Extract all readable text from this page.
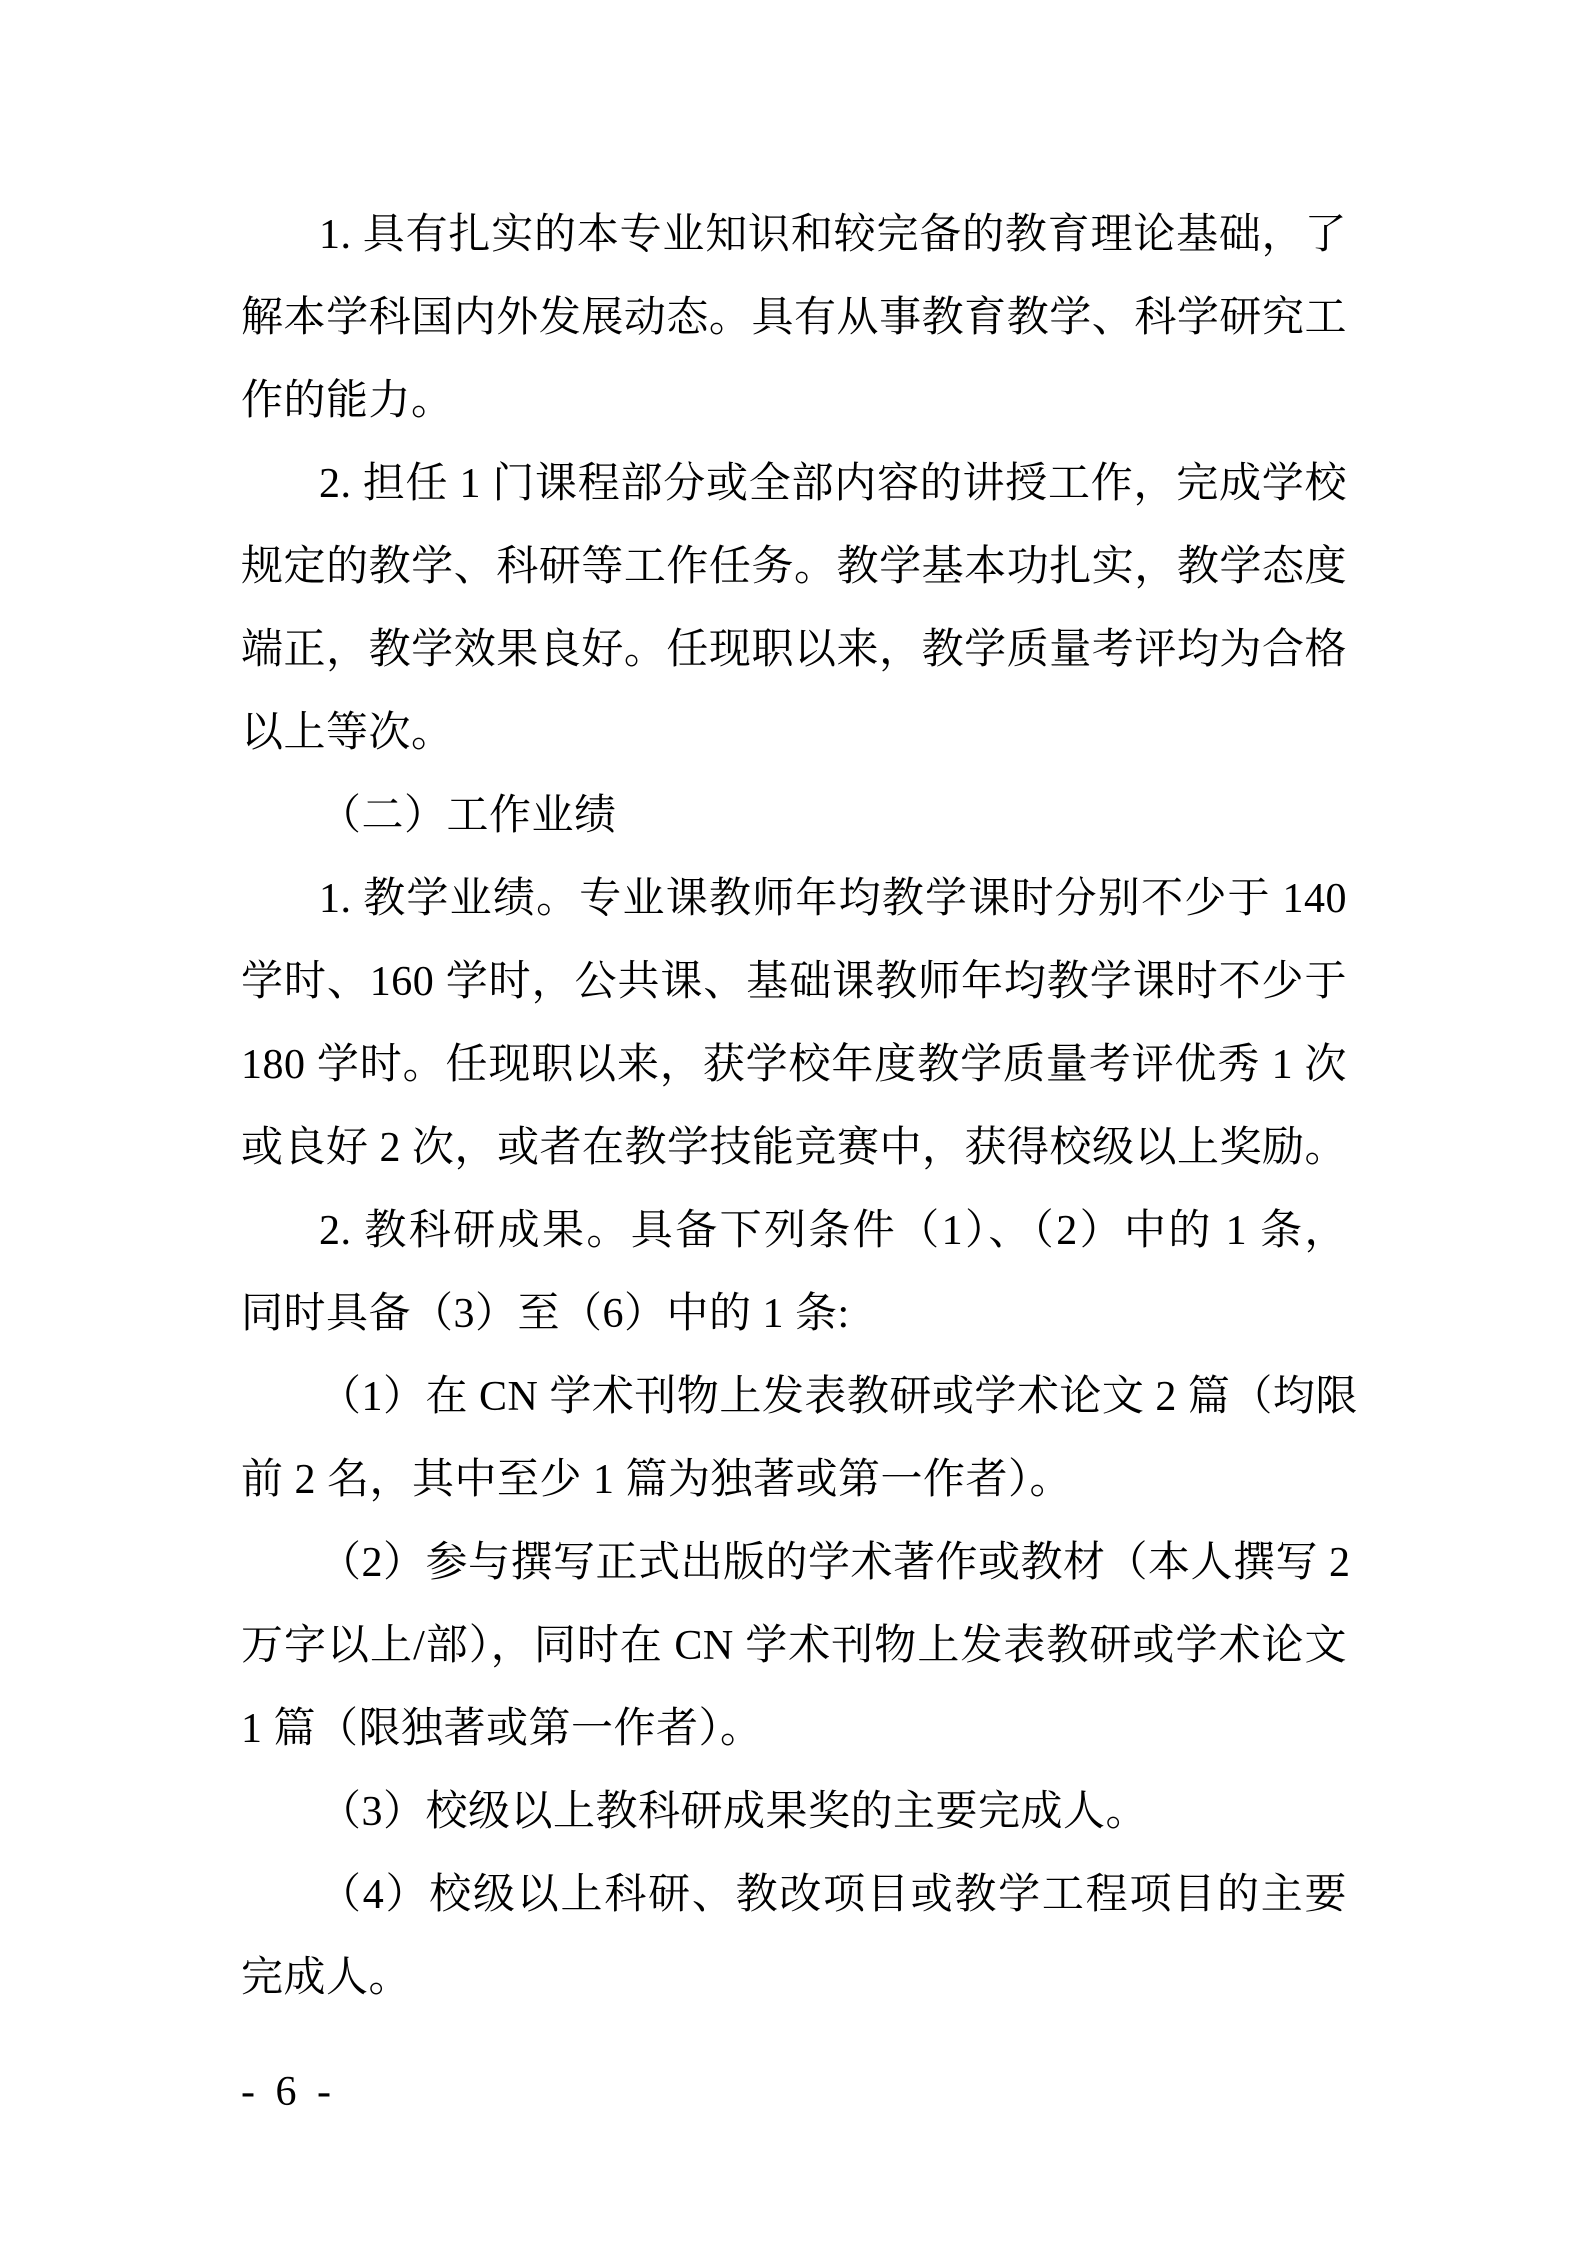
1. 具有扎实的本专业知识和较完备的教育理论基础，了
解本学科国内外发展动态。具有从事教育教学、科学研究工
作的能力。
2. 担任 1 门课程部分或全部内容的讲授工作，完成学校
规定的教学、科研等工作任务。教学基本功扎实，教学态度
端正，教学效果良好。任现职以来，教学质量考评均为合格
以上等次。
（二）工作业绩
1. 教学业绩。专业课教师年均教学课时分别不少于 140
学时、160 学时，公共课、基础课教师年均教学课时不少于
180 学时。任现职以来，获学校年度教学质量考评优秀 1 次
或良好 2 次，或者在教学技能竞赛中，获得校级以上奖励。
2. 教科研成果。具备下列条件（1）、（2）中的 1 条，
同时具备（3）至（6）中的 1 条:
（1）在 CN 学术刊物上发表教研或学术论文 2 篇（均限
前 2 名，其中至少 1 篇为独著或第一作者）。
（2）参与撰写正式出版的学术著作或教材（本人撰写 2
万字以上/部），同时在 CN 学术刊物上发表教研或学术论文
1 篇（限独著或第一作者）。
（3）校级以上教科研成果奖的主要完成人。
（4）校级以上科研、教改项目或教学工程项目的主要
完成人。
- 6 -
